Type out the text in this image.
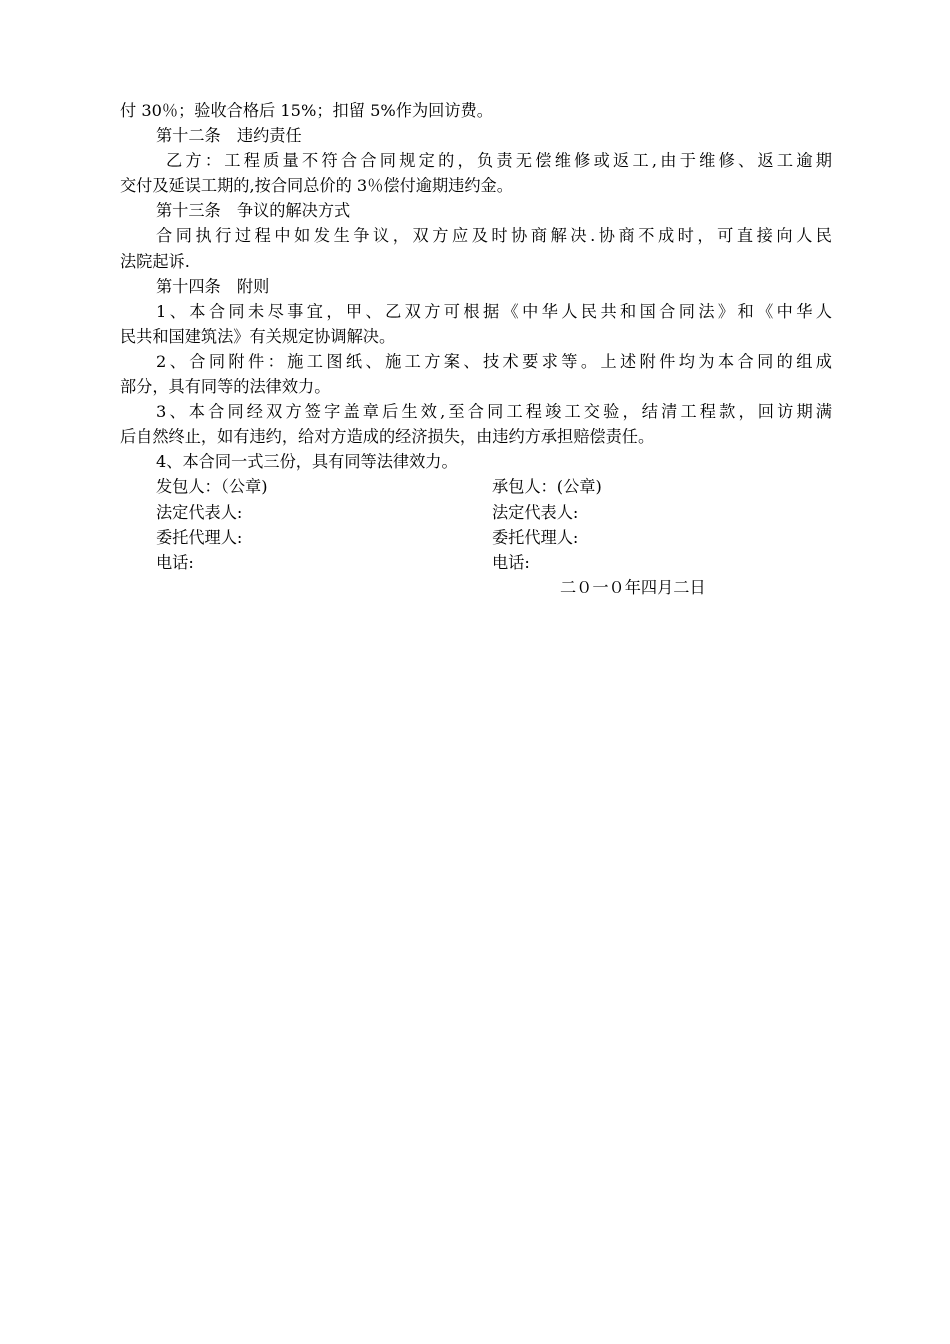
付 30％；验收合格后 15%；扣留 5%作为回访费。
第十二条　违约责任
乙方：工程质量不符合合同规定的，负责无偿维修或返工,由于维修、返工逾期
交付及延误工期的,按合同总价的 3％偿付逾期违约金。
第十三条　争议的解决方式
合同执行过程中如发生争议，双方应及时协商解决.协商不成时，可直接向人民
法院起诉.
第十四条　附则
1、本合同未尽事宜，甲、乙双方可根据《中华人民共和国合同法》和《中华人
民共和国建筑法》有关规定协调解决。
2、合同附件：施工图纸、施工方案、技术要求等。上述附件均为本合同的组成
部分，具有同等的法律效力。
3、本合同经双方签字盖章后生效,至合同工程竣工交验，结清工程款，回访期满
后自然终止，如有违约，给对方造成的经济损失，由违约方承担赔偿责任。
4、本合同一式三份，具有同等法律效力。
发包人：（公章)	承包人：(公章)
法定代表人:	法定代表人:
委托代理人:	委托代理人:
电话:	电话:
二０一０年四月二日
